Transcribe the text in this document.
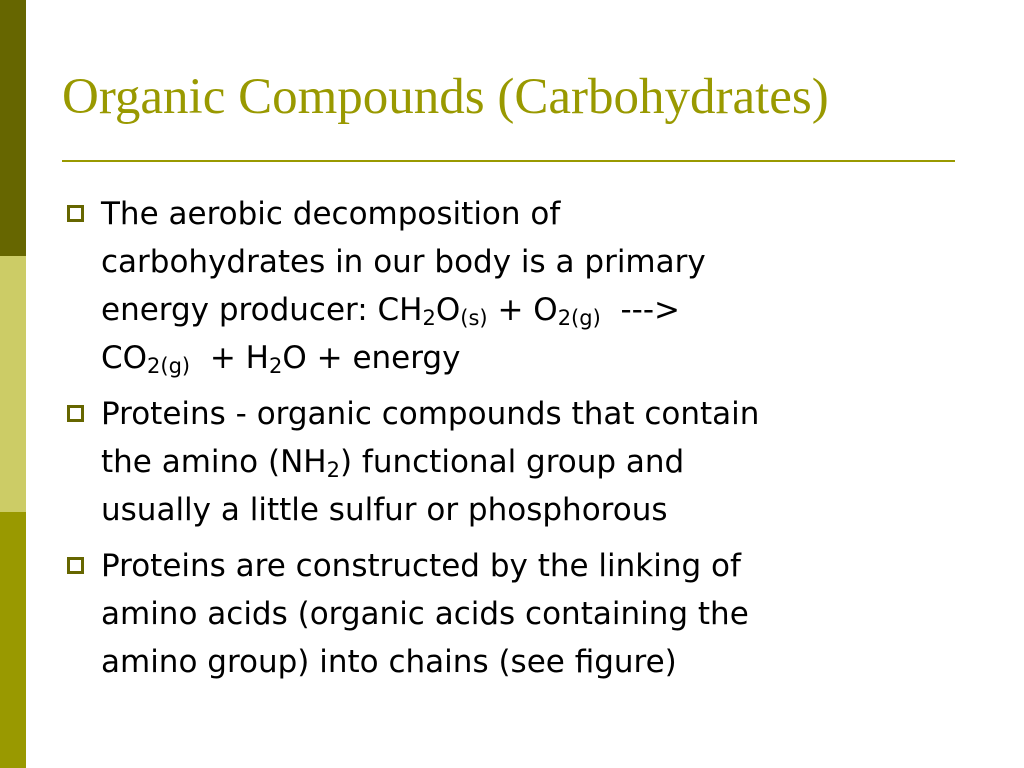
Organic Compounds (Carbohydrates)
The aerobic decomposition of
carbohydrates in our body is a primary
energy producer: $CH_2O_{(s)} + O_{2(g)}$  --->
$CO_{2(g)} + H_2O$ + energy
Proteins - organic compounds that contain
the amino $(NH_2)$ functional group and
usually a little sulfur or phosphorous
Proteins are constructed by the linking of
amino acids (organic acids containing the
amino group) into chains (see figure)
